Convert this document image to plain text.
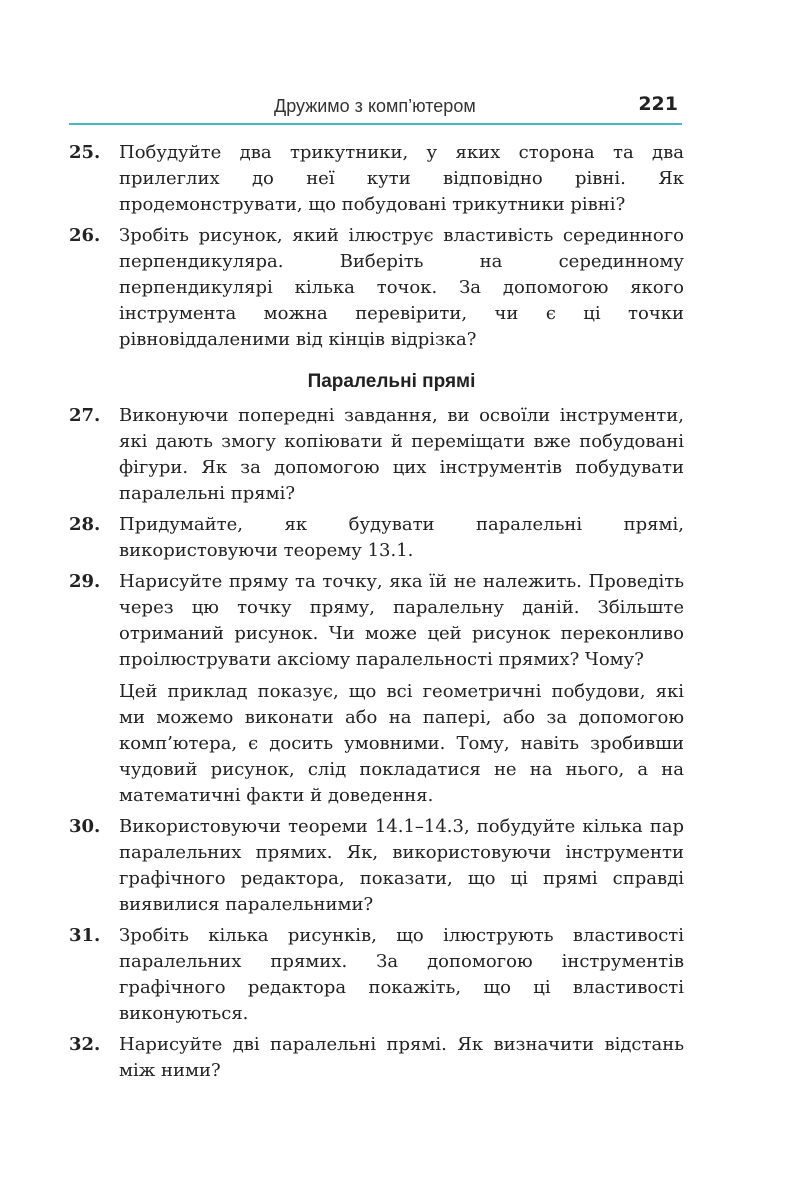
Дружимо з комп’ютером	221
25.	Побудуйте два трикутники, у яких сторона та два прилеглих до неї кути відповідно рівні. Як продемонструвати, що побудовані трикутники рівні?
26.	Зробіть рисунок, який ілюструє властивість серединного перпендикуляра. Виберіть на серединному перпендикулярі кілька точок. За допомогою якого інструмента можна перевірити, чи є ці точки рівновіддаленими від кінців відрізка?
Паралельні прямі
27.	Виконуючи попередні завдання, ви освоїли інструменти, які дають змогу копіювати й переміщати вже побудовані фігури. Як за допомогою цих інструментів побудувати паралельні прямі?
28.	Придумайте, як будувати паралельні прямі, використовуючи теорему 13.1.
29.	Нарисуйте пряму та точку, яка їй не належить. Проведіть через цю точку пряму, паралельну даній. Збільште отриманий рисунок. Чи може цей рисунок переконливо проілюструвати аксіому паралельності прямих? Чому?
Цей приклад показує, що всі геометричні побудови, які ми можемо виконати або на папері, або за допомогою комп’ютера, є досить умовними. Тому, навіть зробивши чудовий рисунок, слід покладатися не на нього, а на математичні факти й доведення.
30.	Використовуючи теореми 14.1–14.3, побудуйте кілька пар паралельних прямих. Як, використовуючи інструменти графічного редактора, показати, що ці прямі справді виявилися паралельними?
31.	Зробіть кілька рисунків, що ілюструють властивості паралельних прямих. За допомогою інструментів графічного редактора покажіть, що ці властивості виконуються.
32.	Нарисуйте дві паралельні прямі. Як визначити відстань між ними?
